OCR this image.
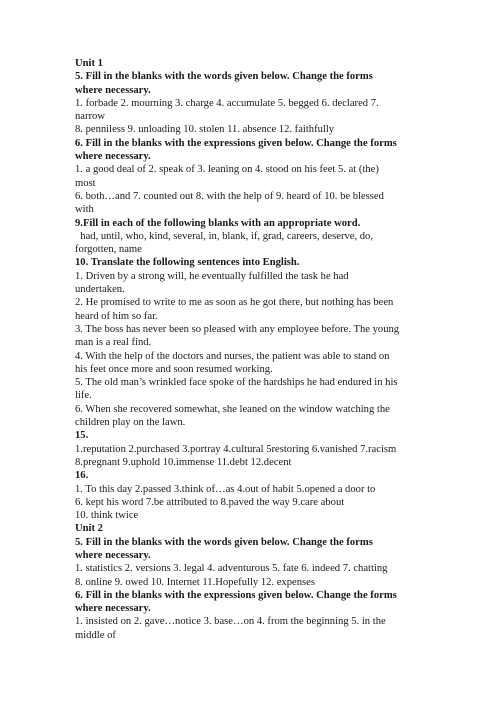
Unit 1
5. Fill in the blanks with the words given below. Change the forms
where necessary.
1. forbade 2. mourning 3. charge 4. accumulate 5. begged 6. declared 7.
narrow
8. penniless 9. unloading 10. stolen 11. absence 12. faithfully
6. Fill in the blanks with the expressions given below. Change the forms
where necessary.
1. a good deal of 2. speak of 3. leaning on 4. stood on his feet 5. at (the)
most
6. both…and 7. counted out 8. with the help of 9. heard of 10. be blessed
with
9.Fill in each of the following blanks with an appropriate word.
had, until, who, kind, several, in, blank, if, grad, careers, deserve, do,
forgotten, name
10. Translate the following sentences into English.
1. Driven by a strong will, he eventually fulfilled the task he had
undertaken.
2. He promised to write to me as soon as he got there, but nothing has been
heard of him so far.
3. The boss has never been so pleased with any employee before. The young
man is a real find.
4. With the help of the doctors and nurses, the patient was able to stand on
his feet once more and soon resumed working.
5. The old man’s wrinkled face spoke of the hardships he had endured in his
life.
6. When she recovered somewhat, she leaned on the window watching the
children play on the lawn.
15.
1.reputation 2.purchased 3.portray 4.cultural 5restoring 6.vanished 7.racism
8.pregnant 9.uphold 10.immense 11.debt 12.decent
16.
1. To this day 2.passed 3.think of…as 4.out of habit 5.opened a door to
6. kept his word 7.be attributed to 8.paved the way 9.care about
10. think twice
Unit 2
5. Fill in the blanks with the words given below. Change the forms
where necessary.
1. statistics 2. versions 3. legal 4. adventurous 5. fate 6. indeed 7. chatting
8. online 9. owed 10. Internet 11.Hopefully 12. expenses
6. Fill in the blanks with the expressions given below. Change the forms
where necessary.
1. insisted on 2. gave…notice 3. base…on 4. from the beginning 5. in the
middle of
